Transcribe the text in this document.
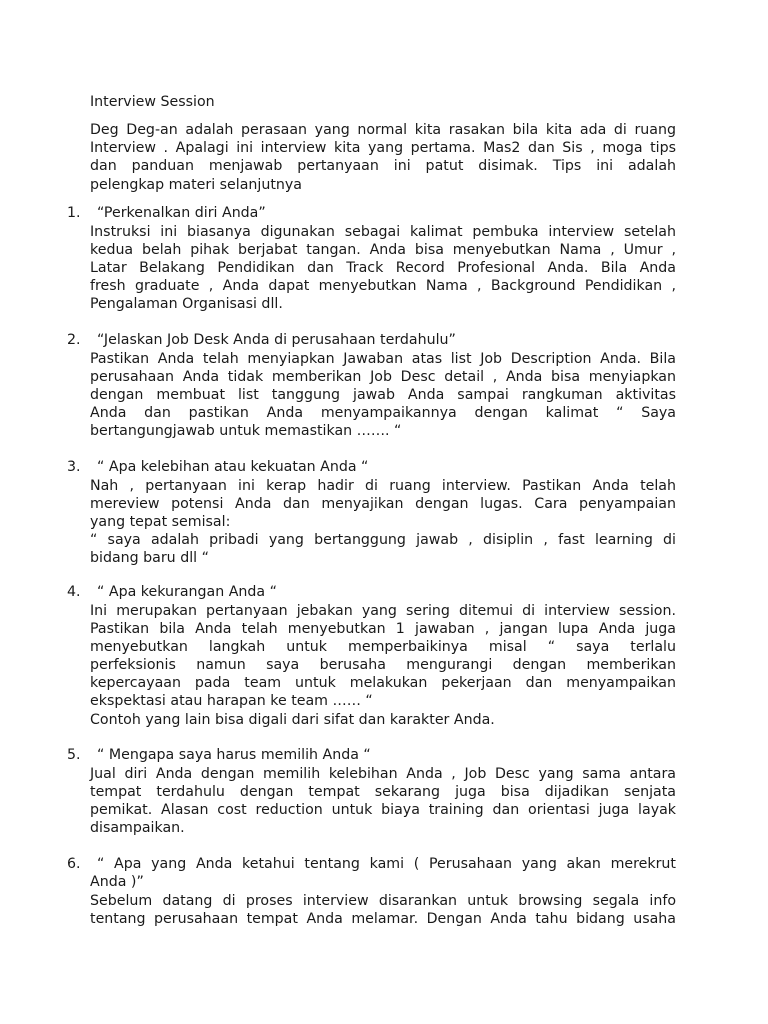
Interview Session
Deg Deg-an adalah perasaan yang normal kita rasakan bila kita ada di ruang
Interview . Apalagi ini interview kita yang pertama. Mas2 dan Sis , moga tips
dan panduan menjawab pertanyaan ini patut disimak. Tips ini adalah
pelengkap materi selanjutnya
1. “Perkenalkan diri Anda”
Instruksi ini biasanya digunakan sebagai kalimat pembuka interview setelah
kedua belah pihak berjabat tangan. Anda bisa menyebutkan Nama , Umur ,
Latar Belakang Pendidikan dan Track Record Profesional Anda. Bila Anda
fresh graduate , Anda dapat menyebutkan Nama , Background Pendidikan ,
Pengalaman Organisasi dll.
2. “Jelaskan Job Desk Anda di perusahaan terdahulu”
Pastikan Anda telah menyiapkan Jawaban atas list Job Description Anda. Bila
perusahaan Anda tidak memberikan Job Desc detail , Anda bisa menyiapkan
dengan membuat list tanggung jawab Anda sampai rangkuman aktivitas
Anda dan pastikan Anda menyampaikannya dengan kalimat “ Saya
bertangungjawab untuk memastikan ……. “
3. “ Apa kelebihan atau kekuatan Anda “
Nah , pertanyaan ini kerap hadir di ruang interview. Pastikan Anda telah
mereview potensi Anda dan menyajikan dengan lugas. Cara penyampaian
yang tepat semisal:
“ saya adalah pribadi yang bertanggung jawab , disiplin , fast learning di
bidang baru dll “
4. “ Apa kekurangan Anda “
Ini merupakan pertanyaan jebakan yang sering ditemui di interview session.
Pastikan bila Anda telah menyebutkan 1 jawaban , jangan lupa Anda juga
menyebutkan langkah untuk memperbaikinya misal “ saya terlalu
perfeksionis namun saya berusaha mengurangi dengan memberikan
kepercayaan pada team untuk melakukan pekerjaan dan menyampaikan
ekspektasi atau harapan ke team …… “
Contoh yang lain bisa digali dari sifat dan karakter Anda.
5. “ Mengapa saya harus memilih Anda “
Jual diri Anda dengan memilih kelebihan Anda , Job Desc yang sama antara
tempat terdahulu dengan tempat sekarang juga bisa dijadikan senjata
pemikat. Alasan cost reduction untuk biaya training dan orientasi juga layak
disampaikan.
6.	“ Apa yang Anda ketahui tentang kami ( Perusahaan yang akan merekrut
Anda )”
Sebelum datang di proses interview disarankan untuk browsing segala info
tentang perusahaan tempat Anda melamar. Dengan Anda tahu bidang usaha
